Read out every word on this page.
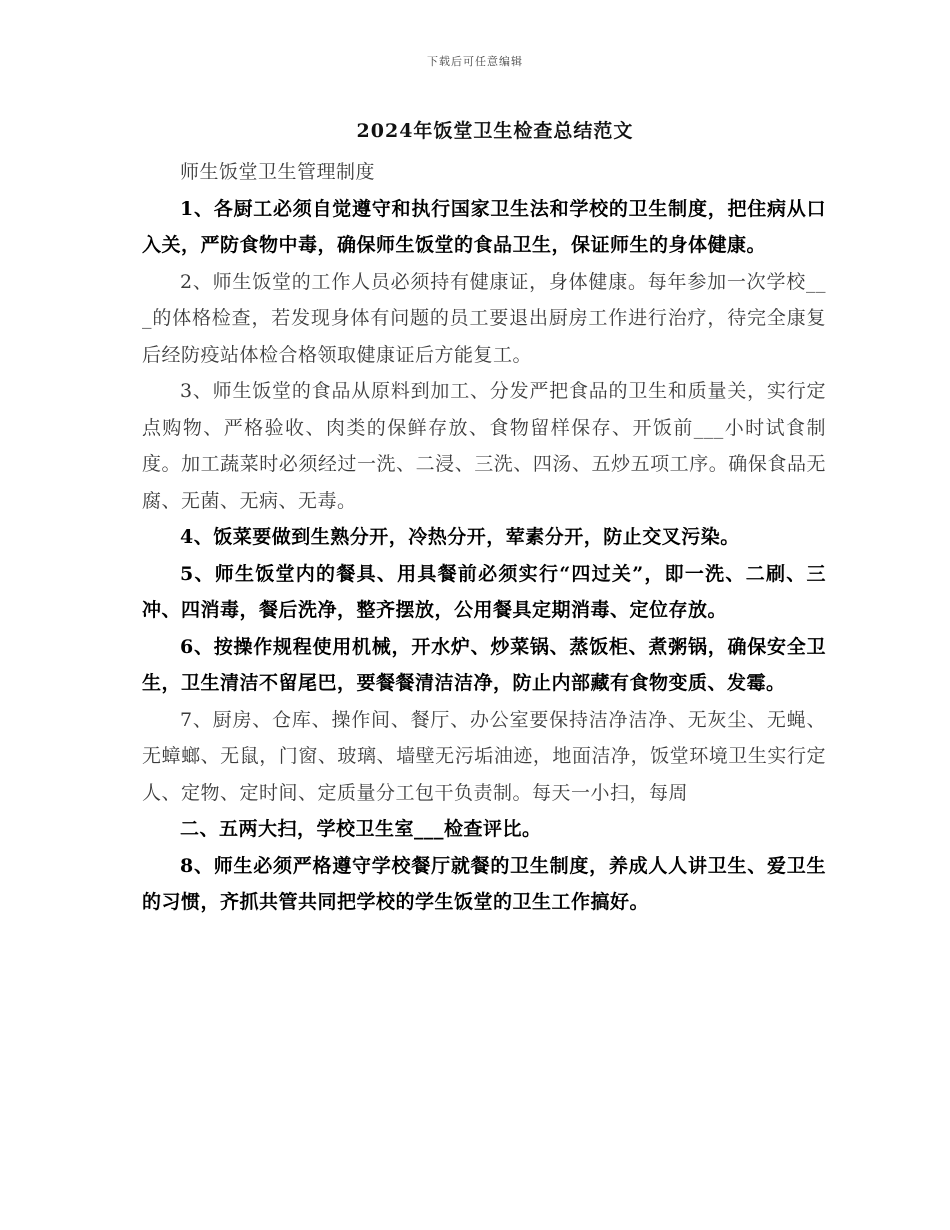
下载后可任意编辑
2024年饭堂卫生检查总结范文

师生饭堂卫生管理制度

1、各厨工必须自觉遵守和执行国家卫生法和学校的卫生制度，把住病从口入关，严防食物中毒，确保师生饭堂的食品卫生，保证师生的身体健康。

2、师生饭堂的工作人员必须持有健康证，身体健康。每年参加一次学校___的体格检查，若发现身体有问题的员工要退出厨房工作进行治疗，待完全康复后经防疫站体检合格领取健康证后方能复工。

3、师生饭堂的食品从原料到加工、分发严把食品的卫生和质量关，实行定点购物、严格验收、肉类的保鲜存放、食物留样保存、开饭前___小时试食制度。加工蔬菜时必须经过一洗、二浸、三洗、四汤、五炒五项工序。确保食品无腐、无菌、无病、无毒。

4、饭菜要做到生熟分开，冷热分开，荤素分开，防止交叉污染。

5、师生饭堂内的餐具、用具餐前必须实行“四过关”，即一洗、二刷、三冲、四消毒，餐后洗净，整齐摆放，公用餐具定期消毒、定位存放。

6、按操作规程使用机械，开水炉、炒菜锅、蒸饭柜、煮粥锅，确保安全卫生，卫生清洁不留尾巴，要餐餐清洁洁净，防止内部藏有食物变质、发霉。

7、厨房、仓库、操作间、餐厅、办公室要保持洁净洁净、无灰尘、无蝇、无蟑螂、无鼠，门窗、玻璃、墙壁无污垢油迹，地面洁净，饭堂环境卫生实行定人、定物、定时间、定质量分工包干负责制。每天一小扫，每周

二、五两大扫，学校卫生室___检查评比。

8、师生必须严格遵守学校餐厅就餐的卫生制度，养成人人讲卫生、爱卫生的习惯，齐抓共管共同把学校的学生饭堂的卫生工作搞好。
